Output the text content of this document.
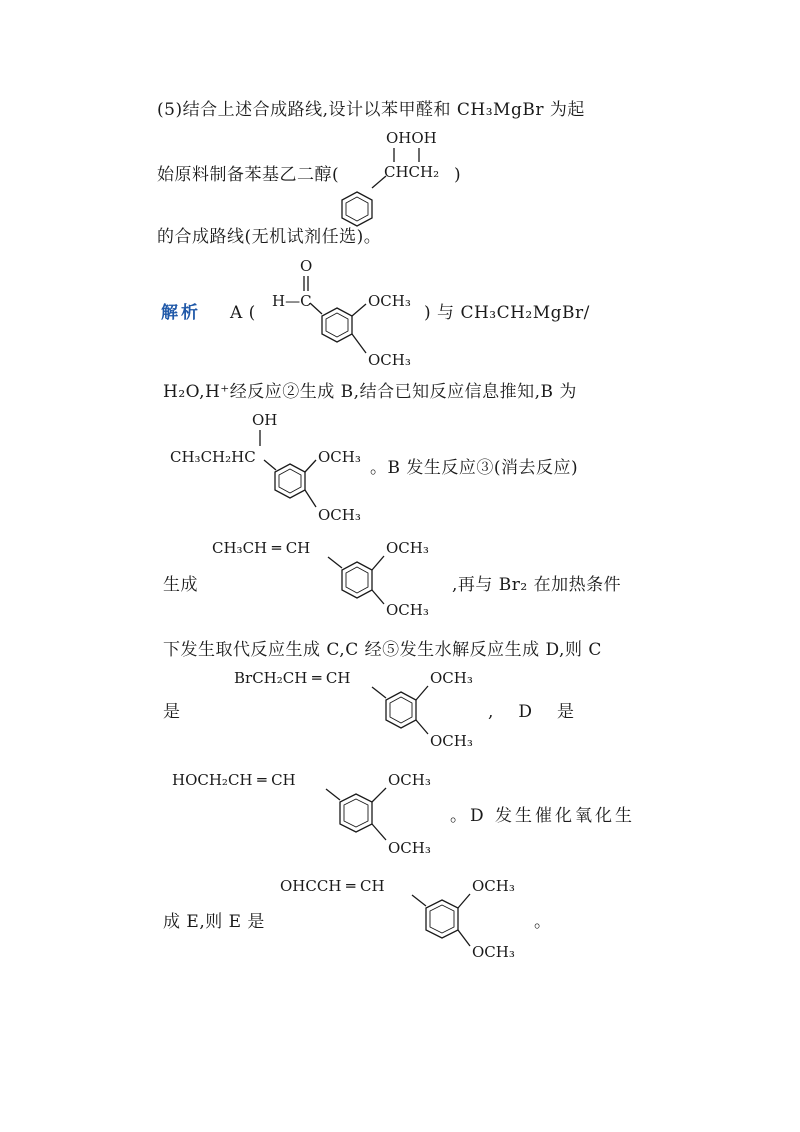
(5)结合上述合成路线,设计以苯甲醛和 CH₃MgBr 为起
OHOH
始原料制备苯基乙二醇(	CHCH₂ )
的合成路线(无机试剂任选)。
解析 A (
O
H—C	OCH₃
OCH₃
) 与 CH₃CH₂MgBr/
H₂O,H⁺经反应②生成 B,结合已知反应信息推知,B 为
OH
CH₃CH₂HC	OCH₃
OCH₃
。B 发生反应③(消去反应)
生成
CH₃CH ═ CH	OCH₃
OCH₃
,再与 Br₂ 在加热条件
下发生取代反应生成 C,C 经⑤发生水解反应生成 D,则 C
是
BrCH₂CH ═ CH	OCH₃
OCH₃
,　D　是
HOCH₂CH ═ CH	OCH₃
OCH₃
。D 发生催化氧化生
成 E,则 E 是
OHCCH ═ CH	OCH₃
OCH₃
。
